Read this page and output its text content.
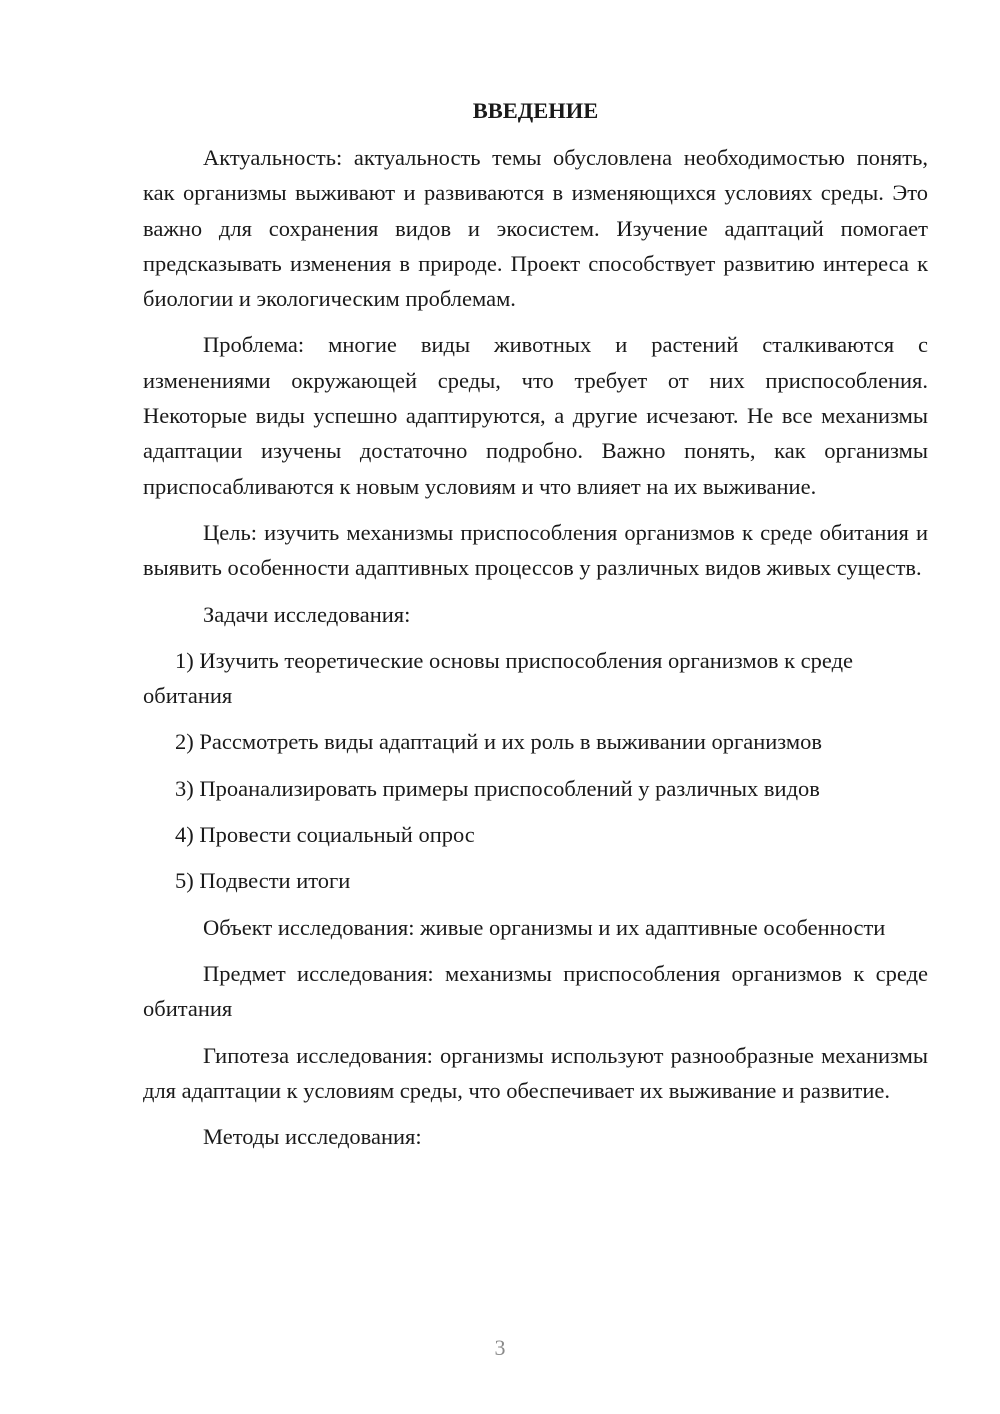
ВВЕДЕНИЕ

Актуальность: актуальность темы обусловлена необходимостью понять, как организмы выживают и развиваются в изменяющихся условиях среды. Это важно для сохранения видов и экосистем. Изучение адаптаций помогает предсказывать изменения в природе. Проект способствует развитию интереса к биологии и экологическим проблемам.

Проблема: многие виды животных и растений сталкиваются с изменениями окружающей среды, что требует от них приспособления. Некоторые виды успешно адаптируются, а другие исчезают. Не все механизмы адаптации изучены достаточно подробно. Важно понять, как организмы приспосабливаются к новым условиям и что влияет на их выживание.

Цель: изучить механизмы приспособления организмов к среде обитания и выявить особенности адаптивных процессов у различных видов живых существ.

Задачи исследования:

1) Изучить теоретические основы приспособления организмов к среде обитания

2) Рассмотреть виды адаптаций и их роль в выживании организмов

3) Проанализировать примеры приспособлений у различных видов

4) Провести социальный опрос

5) Подвести итоги

Объект исследования: живые организмы и их адаптивные особенности

Предмет исследования: механизмы приспособления организмов к среде обитания

Гипотеза исследования: организмы используют разнообразные механизмы для адаптации к условиям среды, что обеспечивает их выживание и развитие.

Методы исследования:

3
